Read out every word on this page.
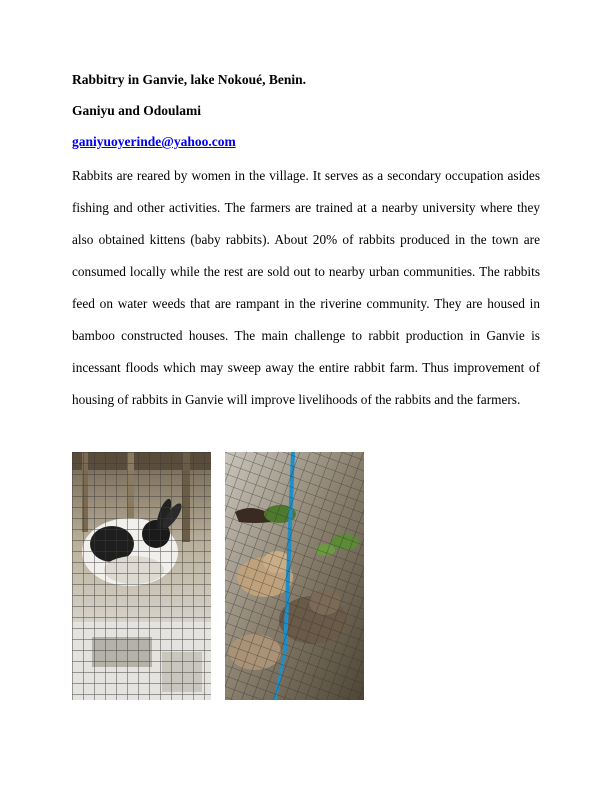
Rabbitry in Ganvie, lake Nokoué, Benin.

Ganiyu and Odoulami

ganiyuoyerinde@yahoo.com

Rabbits are reared by women in the village. It serves as a secondary occupation asides fishing and other activities. The farmers are trained at a nearby university where they also obtained kittens (baby rabbits). About 20% of rabbits produced in the town are consumed locally while the rest are sold out to nearby urban communities. The rabbits feed on water weeds that are rampant in the riverine community. They are housed in bamboo constructed houses. The main challenge to rabbit production in Ganvie is incessant floods which may sweep away the entire rabbit farm. Thus improvement of housing of rabbits in Ganvie will improve livelihoods of the rabbits and the farmers.
